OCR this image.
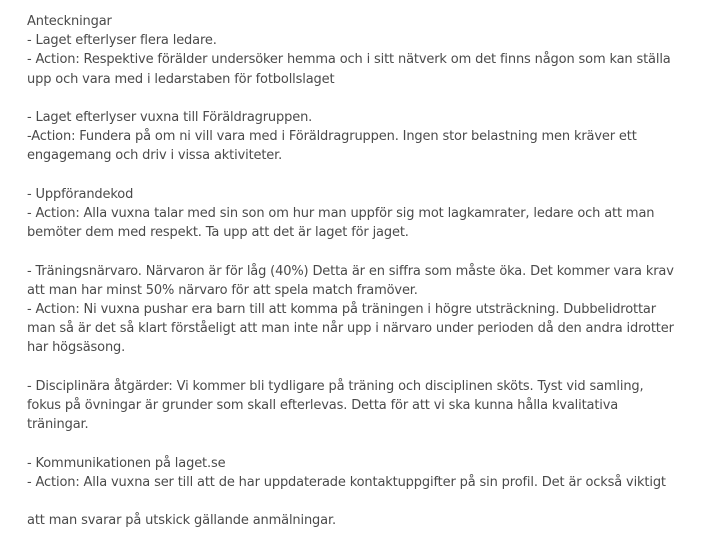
Anteckningar
- Laget efterlyser flera ledare.
- Action: Respektive förälder undersöker hemma och i sitt nätverk om det finns någon som kan ställa
upp och vara med i ledarstaben för fotbollslaget
- Laget efterlyser vuxna till Föräldragruppen.
-Action: Fundera på om ni vill vara med i Föräldragruppen. Ingen stor belastning men kräver ett
engagemang och driv i vissa aktiviteter.
- Uppförandekod
- Action: Alla vuxna talar med sin son om hur man uppför sig mot lagkamrater, ledare och att man
bemöter dem med respekt. Ta upp att det är laget för jaget.
- Träningsnärvaro. Närvaron är för låg (40%) Detta är en siffra som måste öka. Det kommer vara krav
att man har minst 50% närvaro för att spela match framöver.
- Action: Ni vuxna pushar era barn till att komma på träningen i högre utsträckning. Dubbelidrottar
man så är det så klart förståeligt att man inte når upp i närvaro under perioden då den andra idrotter
har högsäsong.
- Disciplinära åtgärder: Vi kommer bli tydligare på träning och disciplinen sköts. Tyst vid samling,
fokus på övningar är grunder som skall efterlevas. Detta för att vi ska kunna hålla kvalitativa
träningar.
- Kommunikationen på laget.se
- Action: Alla vuxna ser till att de har uppdaterade kontaktuppgifter på sin profil. Det är också viktigt
att man svarar på utskick gällande anmälningar.
